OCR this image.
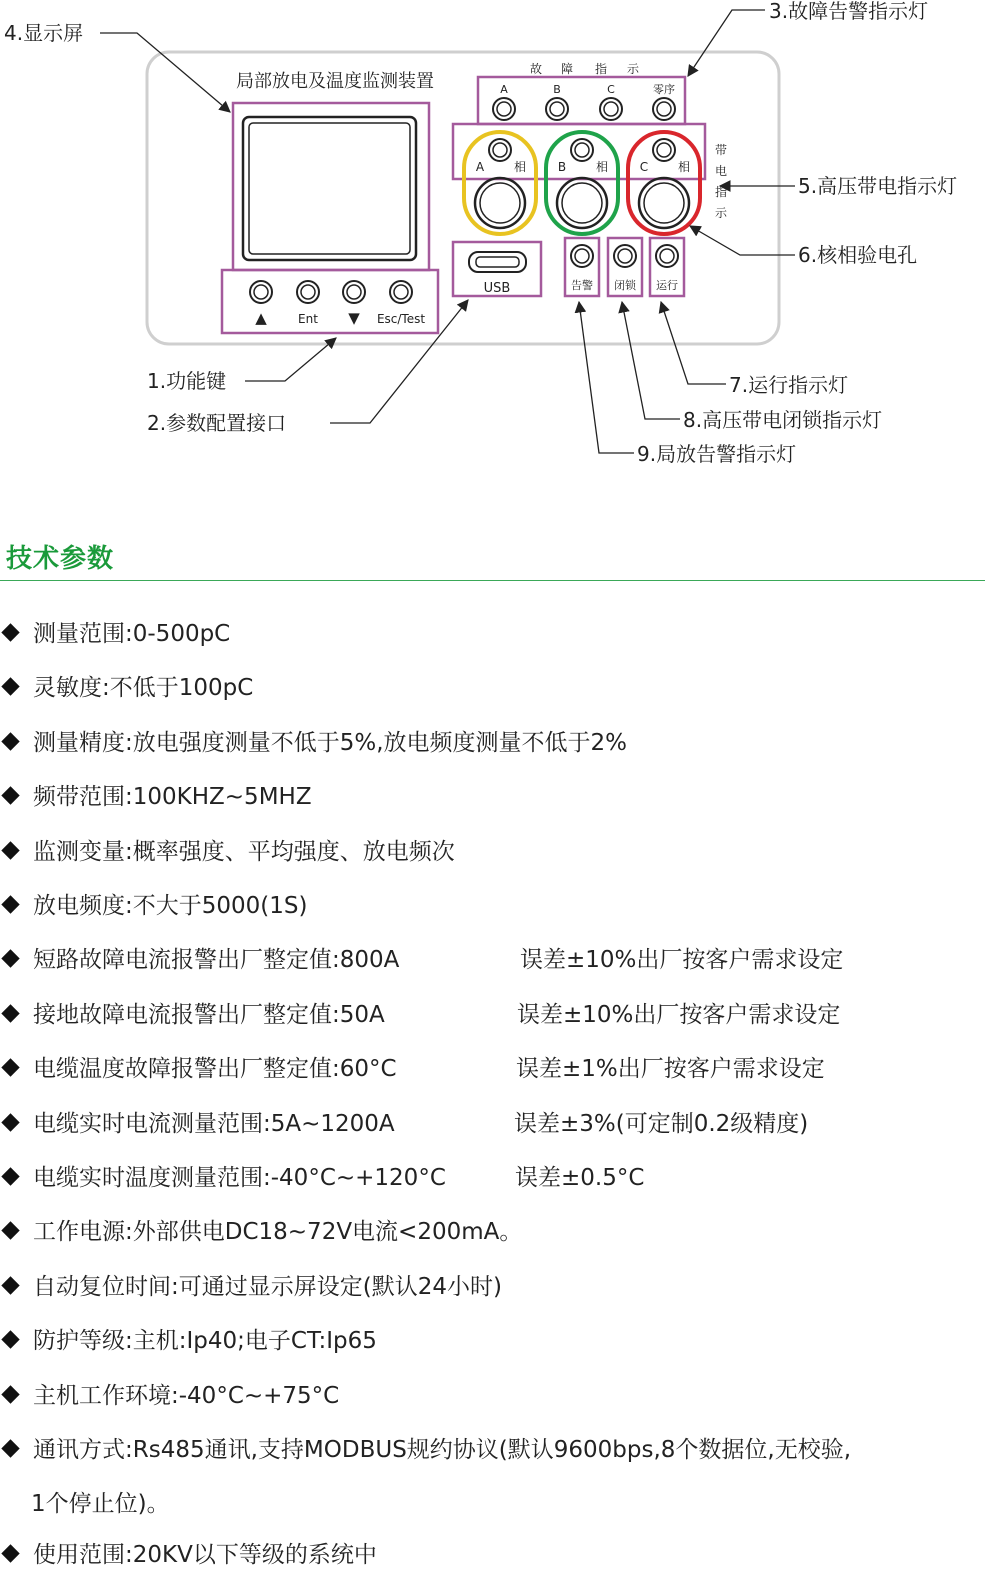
局部放电及温度监测装置
▲	Ent ▼ Esc/Test
USB
故 障 指 示
A	B	C	零序
A 相	B 相	C 相
带
电
指
示
告警 闭锁 运行
1.功能键
2.参数配置接口
3.故障告警指示灯
4.显示屏
5.高压带电指示灯
6.核相验电孔
7.运行指示灯
8.高压带电闭锁指示灯
9.局放告警指示灯
技术参数
测量范围:0-500pC
灵敏度:不低于100pC
测量精度:放电强度测量不低于5%,放电频度测量不低于2%
频带范围:100KHZ~5MHZ
监测变量:概率强度、平均强度、放电频次
放电频度:不大于5000(1S)
短路故障电流报警出厂整定值:800A	误差±10%出厂按客户需求设定
接地故障电流报警出厂整定值:50A	误差±10%出厂按客户需求设定
电缆温度故障报警出厂整定值:60°C	误差±1%出厂按客户需求设定
电缆实时电流测量范围:5A~1200A	误差±3%(可定制0.2级精度)
电缆实时温度测量范围:-40°C~+120°C	误差±0.5°C
工作电源:外部供电DC18~72V电流<200mA。
自动复位时间:可通过显示屏设定(默认24小时)
防护等级:主机:Ip40;电子CT:Ip65
主机工作环境:-40°C~+75°C
通讯方式:Rs485通讯,支持MODBUS规约协议(默认9600bps,8个数据位,无校验,
1个停止位)。
使用范围:20KV以下等级的系统中
